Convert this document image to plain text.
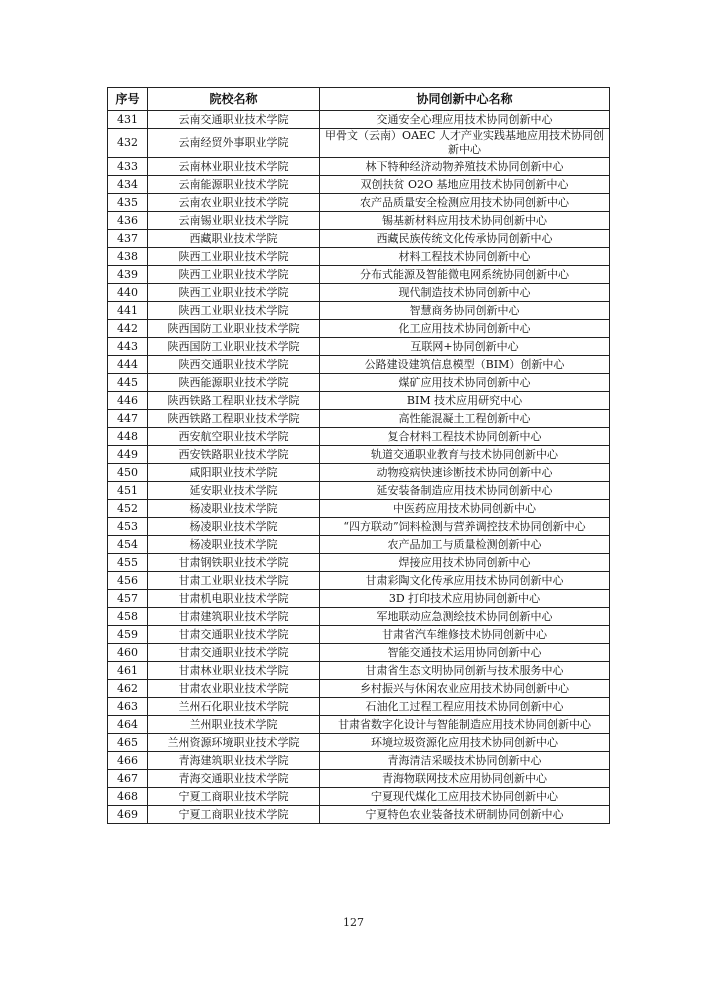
序号	院校名称	协同创新中心名称
431	云南交通职业技术学院	交通安全心理应用技术协同创新中心
432	云南经贸外事职业学院	甲骨文（云南）OAEC 人才产业实践基地应用技术协同创新中心
433	云南林业职业技术学院	林下特种经济动物养殖技术协同创新中心
434	云南能源职业技术学院	双创扶贫 O2O 基地应用技术协同创新中心
435	云南农业职业技术学院	农产品质量安全检测应用技术协同创新中心
436	云南锡业职业技术学院	锡基新材料应用技术协同创新中心
437	西藏职业技术学院	西藏民族传统文化传承协同创新中心
438	陕西工业职业技术学院	材料工程技术协同创新中心
439	陕西工业职业技术学院	分布式能源及智能微电网系统协同创新中心
440	陕西工业职业技术学院	现代制造技术协同创新中心
441	陕西工业职业技术学院	智慧商务协同创新中心
442	陕西国防工业职业技术学院	化工应用技术协同创新中心
443	陕西国防工业职业技术学院	互联网+协同创新中心
444	陕西交通职业技术学院	公路建设建筑信息模型（BIM）创新中心
445	陕西能源职业技术学院	煤矿应用技术协同创新中心
446	陕西铁路工程职业技术学院	BIM 技术应用研究中心
447	陕西铁路工程职业技术学院	高性能混凝土工程创新中心
448	西安航空职业技术学院	复合材料工程技术协同创新中心
449	西安铁路职业技术学院	轨道交通职业教育与技术协同创新中心
450	咸阳职业技术学院	动物疫病快速诊断技术协同创新中心
451	延安职业技术学院	延安装备制造应用技术协同创新中心
452	杨凌职业技术学院	中医药应用技术协同创新中心
453	杨凌职业技术学院	“四方联动”饲料检测与营养调控技术协同创新中心
454	杨凌职业技术学院	农产品加工与质量检测创新中心
455	甘肃钢铁职业技术学院	焊接应用技术协同创新中心
456	甘肃工业职业技术学院	甘肃彩陶文化传承应用技术协同创新中心
457	甘肃机电职业技术学院	3D 打印技术应用协同创新中心
458	甘肃建筑职业技术学院	军地联动应急测绘技术协同创新中心
459	甘肃交通职业技术学院	甘肃省汽车维修技术协同创新中心
460	甘肃交通职业技术学院	智能交通技术运用协同创新中心
461	甘肃林业职业技术学院	甘肃省生态文明协同创新与技术服务中心
462	甘肃农业职业技术学院	乡村振兴与休闲农业应用技术协同创新中心
463	兰州石化职业技术学院	石油化工过程工程应用技术协同创新中心
464	兰州职业技术学院	甘肃省数字化设计与智能制造应用技术协同创新中心
465	兰州资源环境职业技术学院	环境垃圾资源化应用技术协同创新中心
466	青海建筑职业技术学院	青海清洁采暖技术协同创新中心
467	青海交通职业技术学院	青海物联网技术应用协同创新中心
468	宁夏工商职业技术学院	宁夏现代煤化工应用技术协同创新中心
469	宁夏工商职业技术学院	宁夏特色农业装备技术研制协同创新中心
127
